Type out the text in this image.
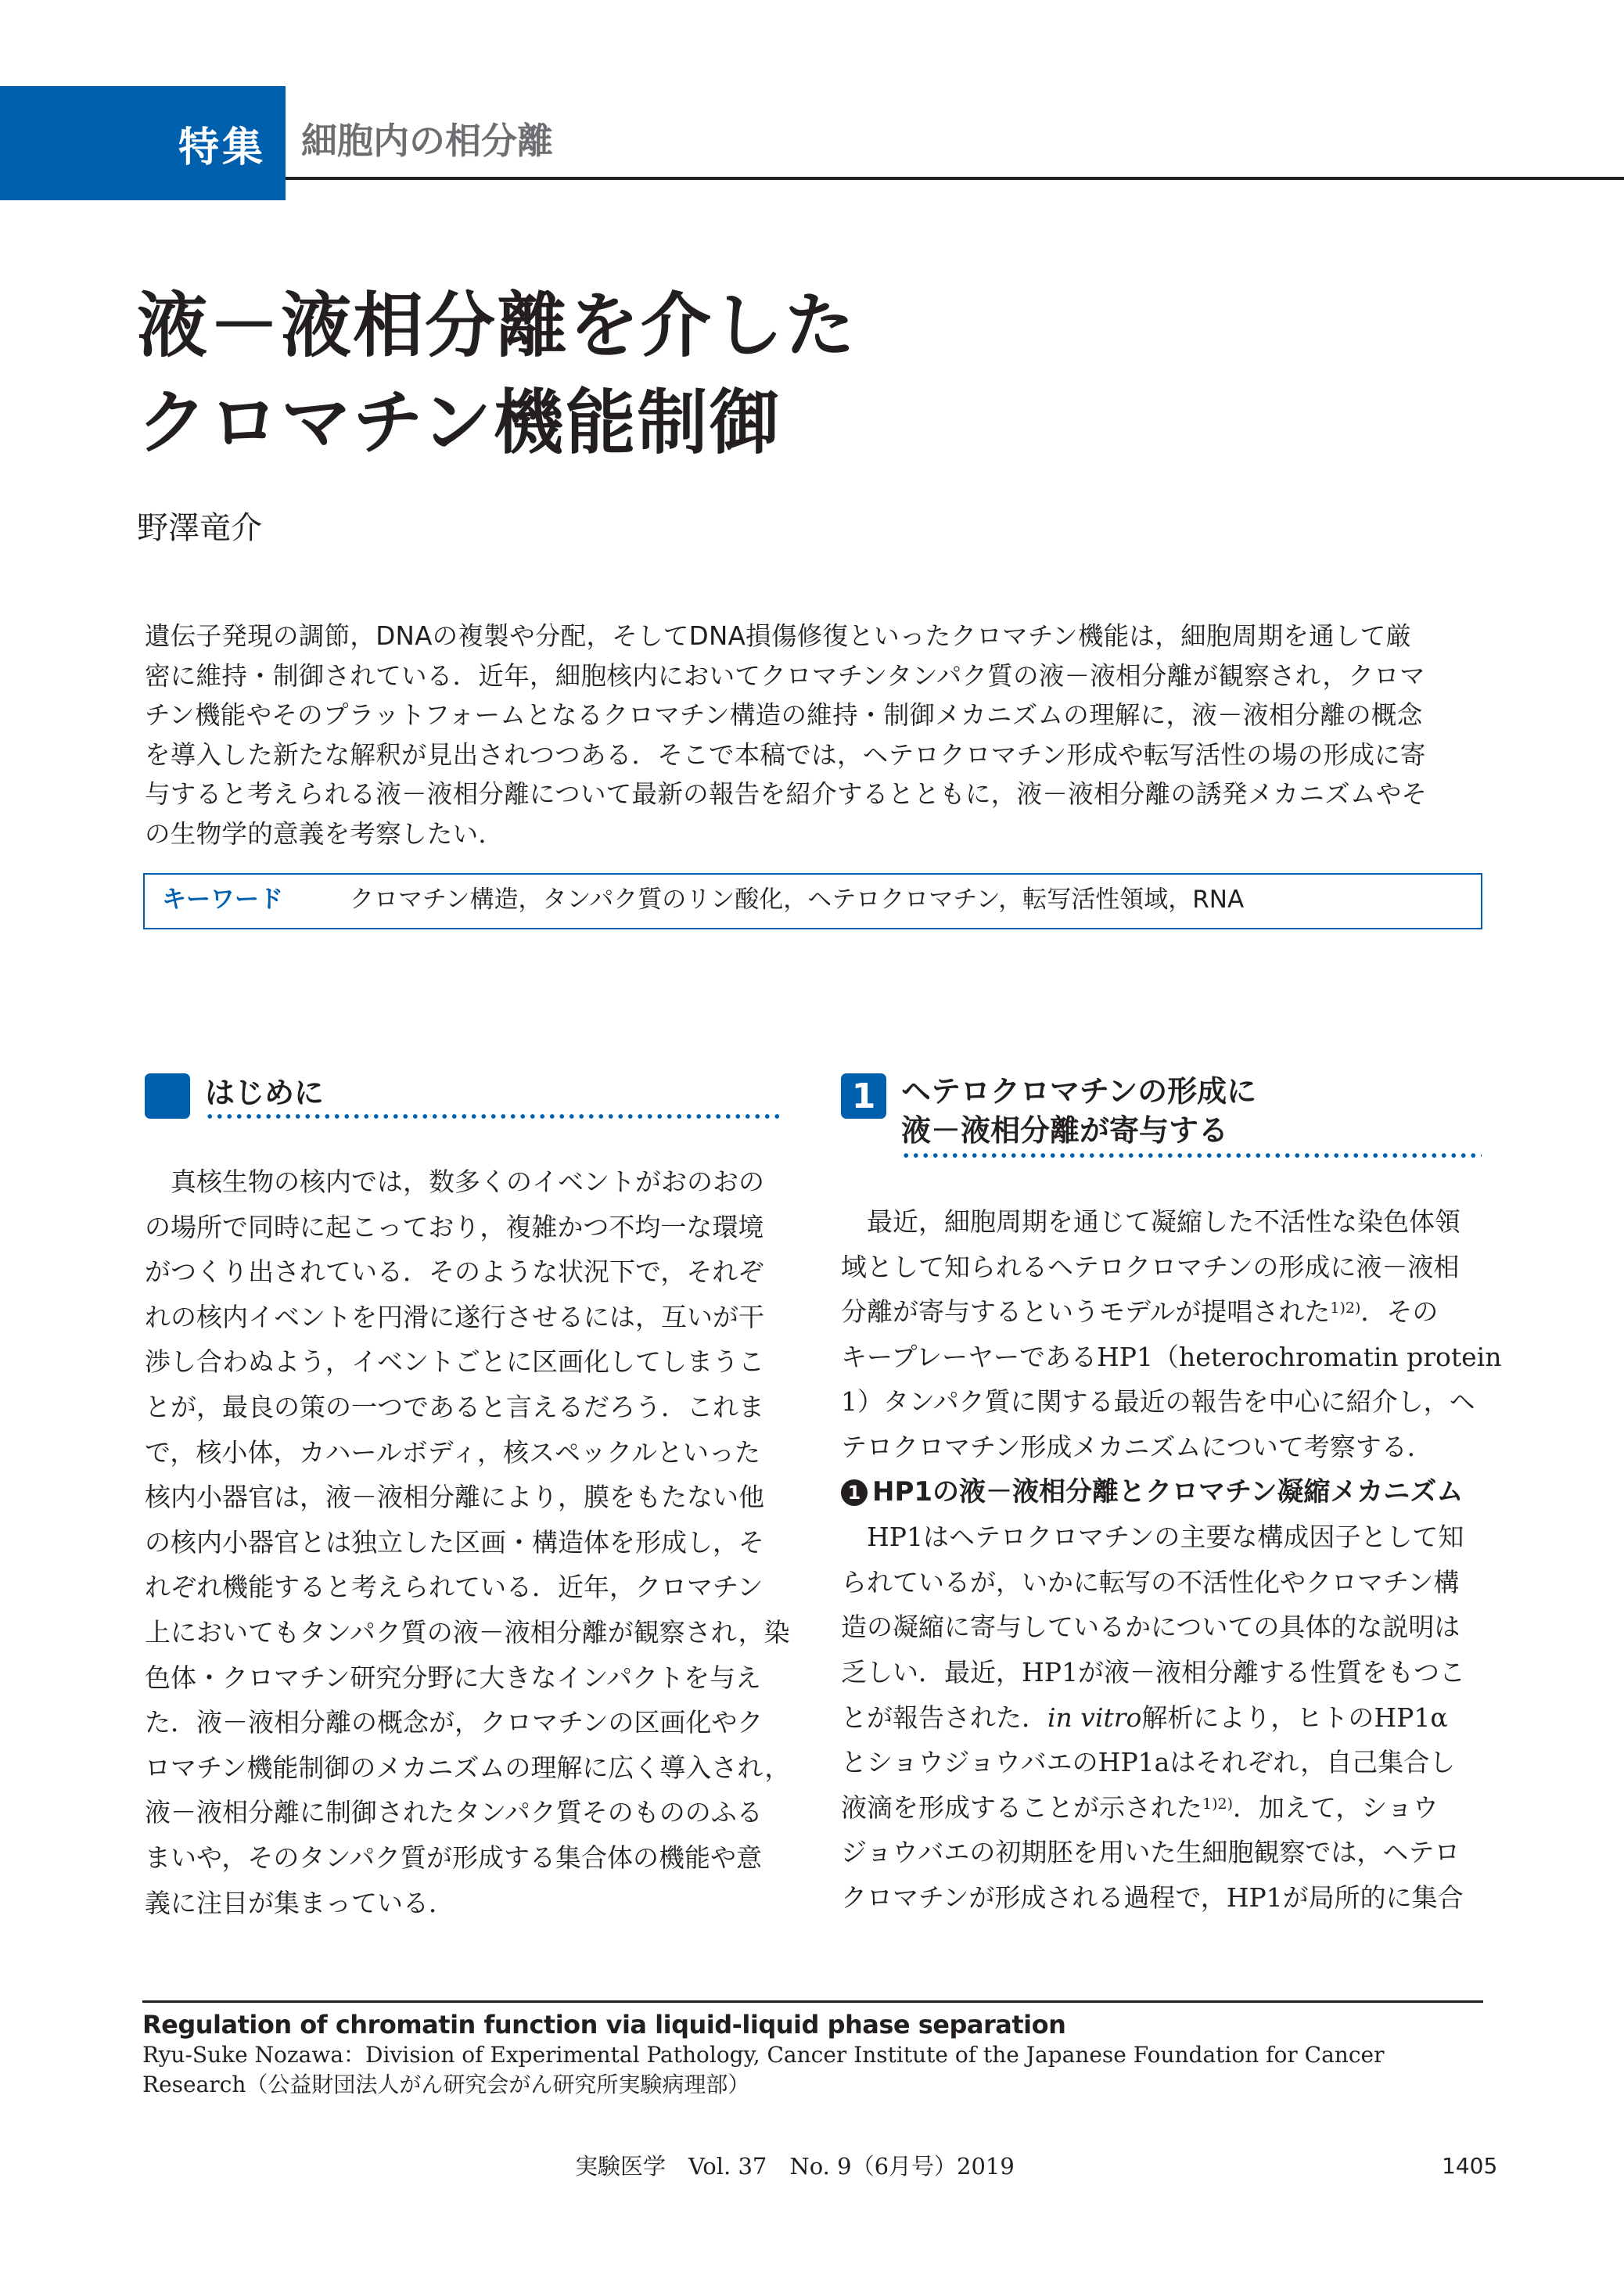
特集 細胞内の相分離
液－液相分離を介した
クロマチン機能制御
野澤竜介
遺伝子発現の調節，DNAの複製や分配，そしてDNA損傷修復といったクロマチン機能は，細胞周期を通して厳
密に維持・制御されている．近年，細胞核内においてクロマチンタンパク質の液－液相分離が観察され，クロマ
チン機能やそのプラットフォームとなるクロマチン構造の維持・制御メカニズムの理解に，液－液相分離の概念
を導入した新たな解釈が見出されつつある．そこで本稿では，ヘテロクロマチン形成や転写活性の場の形成に寄
与すると考えられる液－液相分離について最新の報告を紹介するとともに，液－液相分離の誘発メカニズムやそ
の生物学的意義を考察したい．
キーワード	クロマチン構造，タンパク質のリン酸化，ヘテロクロマチン，転写活性領域，RNA
はじめに
真核生物の核内では，数多くのイベントがおのおの
の場所で同時に起こっており，複雑かつ不均一な環境
がつくり出されている．そのような状況下で，それぞ
れの核内イベントを円滑に遂行させるには，互いが干
渉し合わぬよう，イベントごとに区画化してしまうこ
とが，最良の策の一つであると言えるだろう．これま
で，核小体，カハールボディ，核スペックルといった
核内小器官は，液－液相分離により，膜をもたない他
の核内小器官とは独立した区画・構造体を形成し，そ
れぞれ機能すると考えられている．近年，クロマチン
上においてもタンパク質の液－液相分離が観察され，染
色体・クロマチン研究分野に大きなインパクトを与え
た．液－液相分離の概念が，クロマチンの区画化やク
ロマチン機能制御のメカニズムの理解に広く導入され，
液－液相分離に制御されたタンパク質そのもののふる
まいや，そのタンパク質が形成する集合体の機能や意
義に注目が集まっている．
1 ヘテロクロマチンの形成に
液－液相分離が寄与する
最近，細胞周期を通じて凝縮した不活性な染色体領
域として知られるヘテロクロマチンの形成に液－液相
分離が寄与するというモデルが提唱された$^{1)2)}$．その
キープレーヤーであるHP1（heterochromatin protein
1）タンパク質に関する最近の報告を中心に紹介し，ヘ
テロクロマチン形成メカニズムについて考察する．
1 HP1の液－液相分離とクロマチン凝縮メカニズム
HP1はヘテロクロマチンの主要な構成因子として知
られているが，いかに転写の不活性化やクロマチン構
造の凝縮に寄与しているかについての具体的な説明は
乏しい．最近，HP1が液－液相分離する性質をもつこ
とが報告された．in vitro解析により，ヒトのHP1α
とショウジョウバエのHP1aはそれぞれ，自己集合し
液滴を形成することが示された$^{1)2)}$．加えて，ショウ
ジョウバエの初期胚を用いた生細胞観察では，ヘテロ
クロマチンが形成される過程で，HP1が局所的に集合
Regulation of chromatin function via liquid-liquid phase separation
Ryu-Suke Nozawa：Division of Experimental Pathology, Cancer Institute of the Japanese Foundation for Cancer
Research（公益財団法人がん研究会がん研究所実験病理部）
実験医学　Vol. 37　No. 9（6月号）2019	1405
